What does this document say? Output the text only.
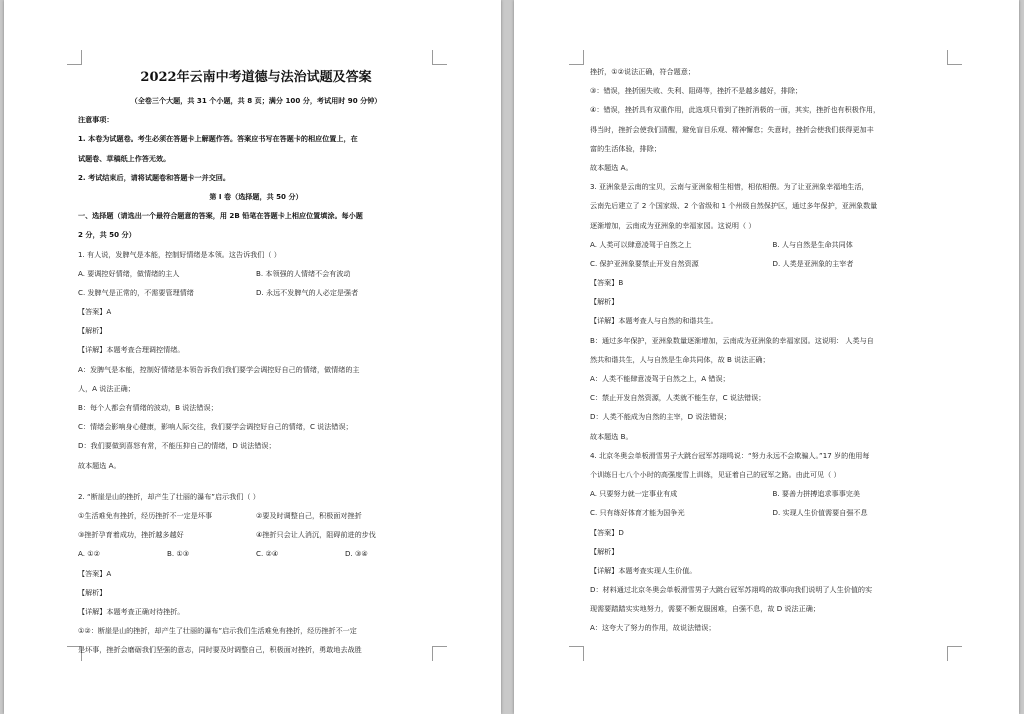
2022年云南中考道德与法治试题及答案
（全卷三个大题，共 31 个小题，共 8 页；满分 100 分，考试用时 90 分钟）
注意事项：
1. 本卷为试题卷。考生必须在答题卡上解题作答。答案应书写在答题卡的相应位置上，在
试题卷、草稿纸上作答无效。
2. 考试结束后，请将试题卷和答题卡一并交回。
第 I 卷（选择题，共 50 分）
一、选择题（请选出一个最符合题意的答案，用 2B 铅笔在答题卡上相应位置填涂。每小题
2 分，共 50 分）
1. 有人说，发脾气是本能，控制好情绪是本领。这告诉我们（ ）
A. 要调控好情绪，做情绪的主人	B. 本领强的人情绪不会有波动
C. 发脾气是正常的，不需要管理情绪	D. 永远不发脾气的人必定是强者
【答案】A
【解析】
【详解】本题考查合理调控情绪。
A：发脾气是本能，控制好情绪是本领告诉我们我们要学会调控好自己的情绪，做情绪的主
人，A 说法正确；
B：每个人都会有情绪的波动，B 说法错误；
C：情绪会影响身心健康，影响人际交往，我们要学会调控好自己的情绪，C 说法错误；
D：我们要做到喜怒有常，不能压抑自己的情绪，D 说法错误；
故本题选 A。
2. “断崖是山的挫折，却产生了壮丽的瀑布”启示我们（ ）
①生活难免有挫折，经历挫折不一定是坏事	②要及时调整自己，积极面对挫折
③挫折孕育着成功，挫折越多越好	④挫折只会让人消沉，阻碍前进的步伐
A. ①②	B. ①③	C. ②④	D. ③④
【答案】A
【解析】
【详解】本题考查正确对待挫折。
①②：断崖是山的挫折，却产生了壮丽的瀑布”启示我们生活难免有挫折，经历挫折不一定
是坏事，挫折会磨砺我们坚强的意志，同时要及时调整自己，积极面对挫折，勇敢地去战胜
挫折，①②说法正确，符合题意；
③：错误，挫折困失败、失利、阻碍等，挫折不是越多越好，排除；
④：错误，挫折具有双重作用，此选项只看到了挫折消极的一面，其实，挫折也有积极作用，
得当时，挫折会使我们清醒，避免盲目乐观、精神懈怠；失意时，挫折会使我们获得更加丰
富的生活体验，排除；
故本题选 A。
3. 亚洲象是云南的宝贝，云南与亚洲象相生相惜，相依相偎。为了让亚洲象幸福地生活，
云南先后建立了 2 个国家级、2 个省级和 1 个州级自然保护区，通过多年保护，亚洲象数量
逐渐增加，云南成为亚洲象的幸福家园。这说明（ ）
A. 人类可以肆意凌驾于自然之上	B. 人与自然是生命共同体
C. 保护亚洲象要禁止开发自然资源	D. 人类是亚洲象的主宰者
【答案】B
【解析】
【详解】本题考查人与自然的和谐共生。
B：通过多年保护，亚洲象数量逐渐增加，云南成为亚洲象的幸福家园。这说明： 人类与自
然共和谐共生，人与自然是生命共同体，故 B 说法正确；
A：人类不能肆意凌驾于自然之上，A 错误；
C：禁止开发自然资源，人类就不能生存，C 说法错误；
D：人类不能成为自然的主宰，D 说法错误；
故本题选 B。
4. 北京冬奥会单板滑雪男子大跳台冠军苏翊鸣说：“努力永远不会欺骗人。”17 岁的他用每
个训练日七八个小时的高强度雪上训练，见证着自己的冠军之路。由此可见（ ）
A. 只要努力就一定事业有成	B. 要善力拼搏追求事事完美
C. 只有练好体育才能为国争光	D. 实现人生价值需要自强不息
【答案】D
【解析】
【详解】本题考查实现人生价值。
D：材料通过北京冬奥会单板滑雪男子大跳台冠军苏翊鸣的故事向我们说明了人生价值的实
现需要踏踏实实地努力，需要不断克服困难，自强不息，故 D 说法正确；
A：这夸大了努力的作用，故说法错误；
